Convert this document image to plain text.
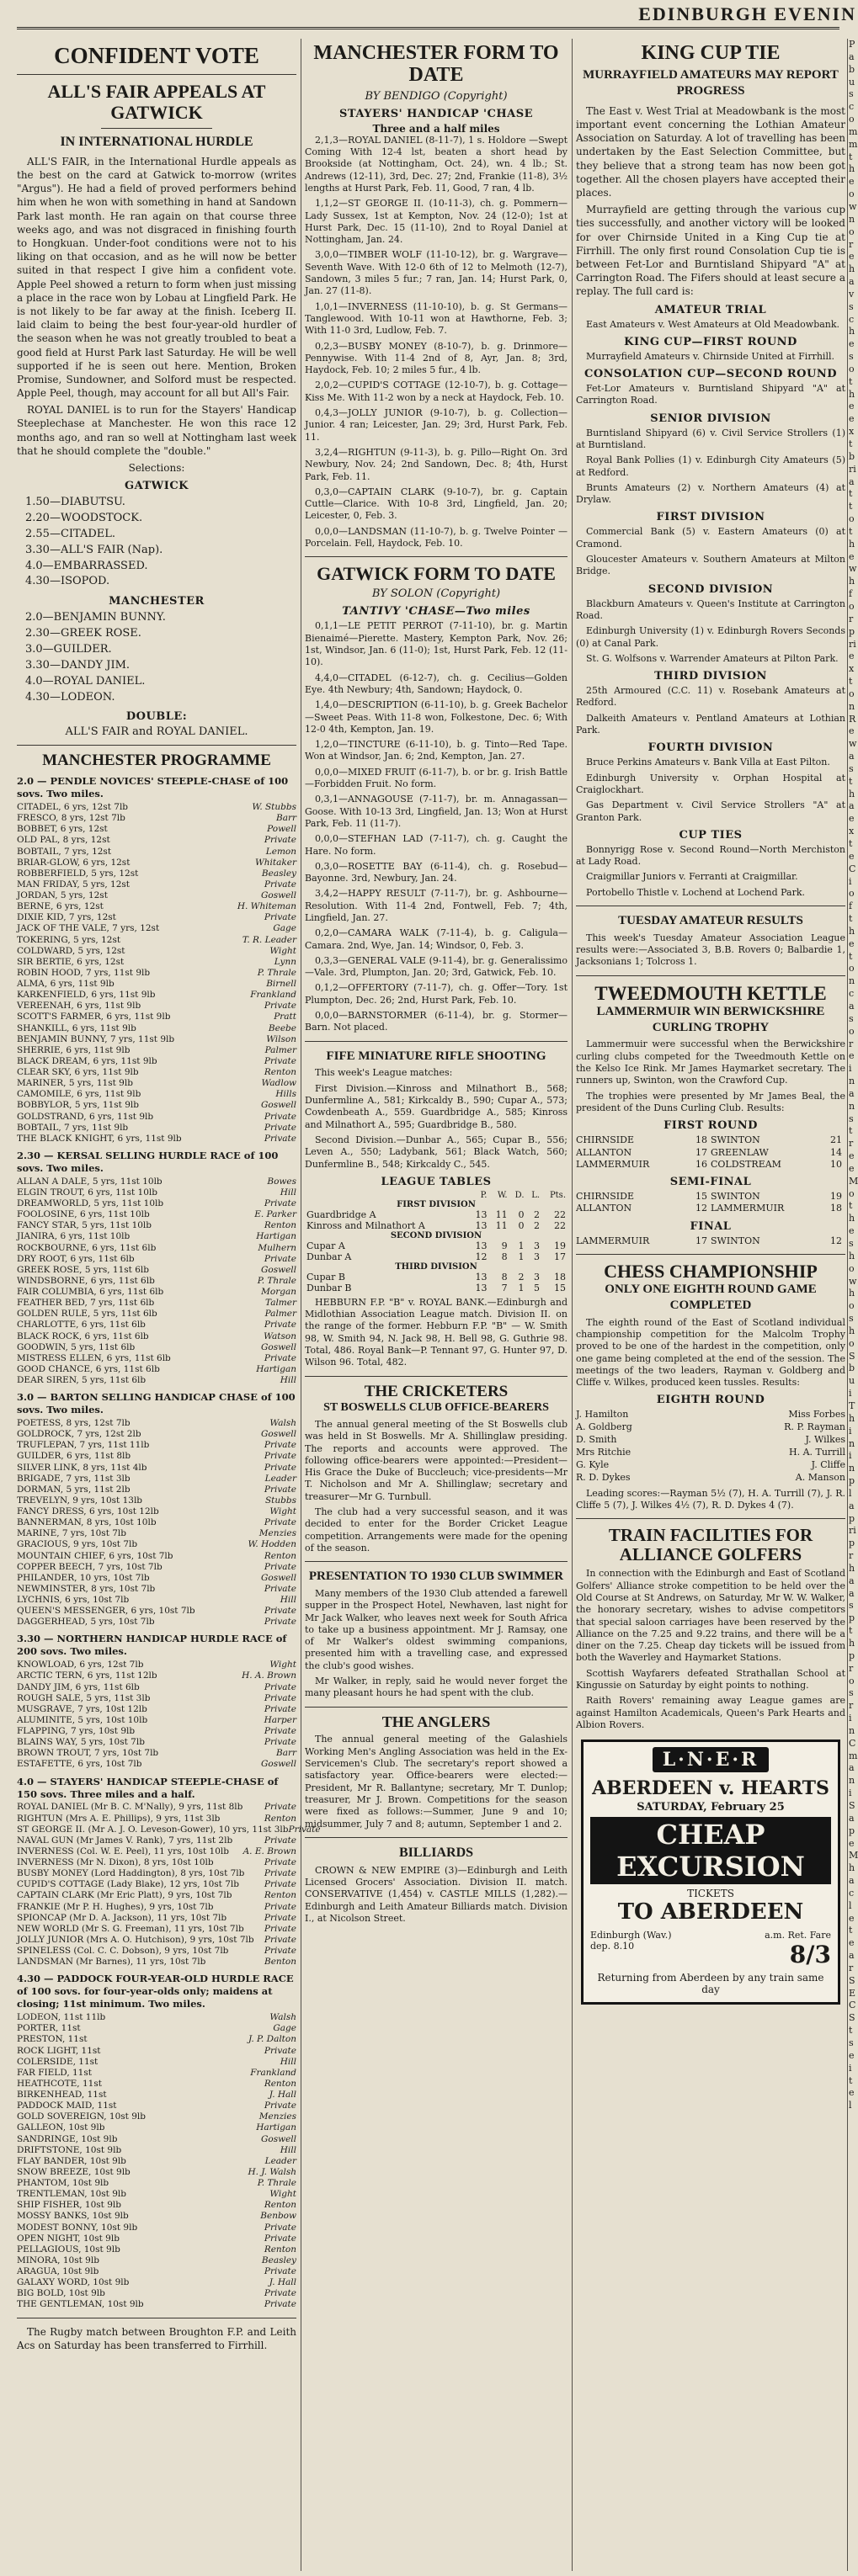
EDINBURGH EVENIN
CONFIDENT VOTE
ALL'S FAIR APPEALS AT GATWICK
IN INTERNATIONAL HURDLE

ALL'S FAIR, in the International Hurdle appeals as the best on the card at Gatwick to-morrow (writes "Argus"). He had a field of proved performers behind him when he won with something in hand at Sandown Park last month. He ran again on that course three weeks ago, and was not disgraced in finishing fourth to Hongkuan. Under-foot conditions were not to his liking on that occasion, and as he will now be better suited in that respect I give him a confident vote. Apple Peel showed a return to form when just missing a place in the race won by Lobau at Lingfield Park. He is not likely to be far away at the finish. Iceberg II. laid claim to being the best four-year-old hurdler of the season when he was not greatly troubled to beat a good field at Hurst Park last Saturday. He will be well supported if he is seen out here. Mention, Broken Promise, Sundowner, and Solford must be respected. Apple Peel, though, may account for all but All's Fair.

ROYAL DANIEL is to run for the Stayers' Handicap Steeplechase at Manchester. He won this race 12 months ago, and ran so well at Nottingham last week that he should complete the "double."

Selections:

GATWICK
1.50—DIABUTSU.
2.20—WOODSTOCK.
2.55—CITADEL.
3.30—ALL'S FAIR (Nap).
4.0—EMBARRASSED.
4.30—ISOPOD.
MANCHESTER
2.0—BENJAMIN BUNNY.
2.30—GREEK ROSE.
3.0—GUILDER.
3.30—DANDY JIM.
4.0—ROYAL DANIEL.
4.30—LODEON.
DOUBLE:
ALL'S FAIR and ROYAL DANIEL.
MANCHESTER PROGRAMME
2.0 — PENDLE NOVICES' STEEPLE-CHASE of 100 sovs. Two miles.
CITADEL, 6 yrs, 12st 7lb	W. Stubbs
FRESCO, 8 yrs, 12st 7lb	Barr
BOBBET, 6 yrs, 12st	Powell
OLD PAL, 8 yrs, 12st	Private
BOBTAIL, 7 yrs, 12st	Lemon
BRIAR-GLOW, 6 yrs, 12st	Whitaker
ROBBERFIELD, 5 yrs, 12st	Beasley
MAN FRIDAY, 5 yrs, 12st	Private
JORDAN, 5 yrs, 12st	Goswell
BERNE, 6 yrs, 12st	H. Whiteman
DIXIE KID, 7 yrs, 12st	Private
JACK OF THE VALE, 7 yrs, 12st	Gage
TOKERING, 5 yrs, 12st	T. R. Leader
COLDWARD, 5 yrs, 12st	Wight
SIR BERTIE, 6 yrs, 12st	Lynn
ROBIN HOOD, 7 yrs, 11st 9lb	P. Thrale
ALMA, 6 yrs, 11st 9lb	Birnell
KARKENFIELD, 6 yrs, 11st 9lb	Frankland
VEREENAH, 6 yrs, 11st 9lb	Private
SCOTT'S FARMER, 6 yrs, 11st 9lb	Pratt
SHANKILL, 6 yrs, 11st 9lb	Beebe
BENJAMIN BUNNY, 7 yrs, 11st 9lb	Wilson
SHERRIE, 6 yrs, 11st 9lb	Palmer
BLACK DREAM, 6 yrs, 11st 9lb	Private
CLEAR SKY, 6 yrs, 11st 9lb	Renton
MARINER, 5 yrs, 11st 9lb	Wadlow
CAMOMILE, 6 yrs, 11st 9lb	Hills
BOBBYLOR, 5 yrs, 11st 9lb	Goswell
GOLDSTRAND, 6 yrs, 11st 9lb	Private
BOBTAIL, 7 yrs, 11st 9lb	Private
THE BLACK KNIGHT, 6 yrs, 11st 9lb	Private
2.30 — KERSAL SELLING HURDLE RACE of 100 sovs. Two miles.
ALLAN A DALE, 5 yrs, 11st 10lb	Bowes
ELGIN TROUT, 6 yrs, 11st 10lb	Hill
DREAMWORLD, 5 yrs, 11st 10lb	Private
FOOLOSINE, 6 yrs, 11st 10lb	E. Parker
FANCY STAR, 5 yrs, 11st 10lb	Renton
JIANIRA, 6 yrs, 11st 10lb	Hartigan
ROCKBOURNE, 6 yrs, 11st 6lb	Mulhern
DRY ROOT, 6 yrs, 11st 6lb	Private
GREEK ROSE, 5 yrs, 11st 6lb	Goswell
WINDSBORNE, 6 yrs, 11st 6lb	P. Thrale
FAIR COLUMBIA, 6 yrs, 11st 6lb	Morgan
FEATHER BED, 7 yrs, 11st 6lb	Talmer
GOLDEN RULE, 5 yrs, 11st 6lb	Palmer
CHARLOTTE, 6 yrs, 11st 6lb	Private
BLACK ROCK, 6 yrs, 11st 6lb	Watson
GOODWIN, 5 yrs, 11st 6lb	Goswell
MISTRESS ELLEN, 6 yrs, 11st 6lb	Private
GOOD CHANCE, 6 yrs, 11st 6lb	Hartigan
DEAR SIREN, 5 yrs, 11st 6lb	Hill
3.0 — BARTON SELLING HANDICAP CHASE of 100 sovs. Two miles.
POETESS, 8 yrs, 12st 7lb	Walsh
GOLDROCK, 7 yrs, 12st 2lb	Goswell
TRUFLEPAN, 7 yrs, 11st 11lb	Private
GUILDER, 6 yrs, 11st 8lb	Private
SILVER LINK, 8 yrs, 11st 4lb	Private
BRIGADE, 7 yrs, 11st 3lb	Leader
DORMAN, 5 yrs, 11st 2lb	Private
TREVELYN, 9 yrs, 10st 13lb	Stubbs
FANCY DRESS, 6 yrs, 10st 12lb	Wight
BANNERMAN, 8 yrs, 10st 10lb	Private
MARINE, 7 yrs, 10st 7lb	Menzies
GRACIOUS, 9 yrs, 10st 7lb	W. Hodden
MOUNTAIN CHIEF, 6 yrs, 10st 7lb	Renton
COPPER BEECH, 7 yrs, 10st 7lb	Private
PHILANDER, 10 yrs, 10st 7lb	Goswell
NEWMINSTER, 8 yrs, 10st 7lb	Private
LYCHNIS, 6 yrs, 10st 7lb	Hill
QUEEN'S MESSENGER, 6 yrs, 10st 7lb	Private
DAGGERHEAD, 5 yrs, 10st 7lb	Private
3.30 — NORTHERN HANDICAP HURDLE RACE of 200 sovs. Two miles.
KNOWLOAD, 6 yrs, 12st 7lb	Wight
ARCTIC TERN, 6 yrs, 11st 12lb	H. A. Brown
DANDY JIM, 6 yrs, 11st 6lb	Private
ROUGH SALE, 5 yrs, 11st 3lb	Private
MUSGRAVE, 7 yrs, 10st 12lb	Private
ALUMINITE, 5 yrs, 10st 10lb	Harper
FLAPPING, 7 yrs, 10st 9lb	Private
BLAINS WAY, 5 yrs, 10st 7lb	Private
BROWN TROUT, 7 yrs, 10st 7lb	Barr
ESTAFETTE, 6 yrs, 10st 7lb	Goswell
4.0 — STAYERS' HANDICAP STEEPLE-CHASE of 150 sovs. Three miles and a half.
ROYAL DANIEL (Mr B. C. M'Nally), 9 yrs, 11st 8lb Private
RIGHTUN (Mrs A. E. Phillips), 9 yrs, 11st 3lb	Renton
ST GEORGE II. (Mr A. J. O. Leveson-Gower), 10 yrs, 11st 3lb Private
NAVAL GUN (Mr James V. Rank), 7 yrs, 11st 2lb	Private
INVERNESS (Col. W. E. Peel), 11 yrs, 10st 10lb A. E. Brown
INVERNESS (Mr N. Dixon), 8 yrs, 10st 10lb	Private
BUSBY MONEY (Lord Haddington), 8 yrs, 10st 7lb Private
CUPID'S COTTAGE (Lady Blake), 12 yrs, 10st 7lb	Private
CAPTAIN CLARK (Mr Eric Platt), 9 yrs, 10st 7lb	Renton
FRANKIE (Mr P. H. Hughes), 9 yrs, 10st 7lb	Private
SPIONCAP (Mr D. A. Jackson), 11 yrs, 10st 7lb	Private
NEW WORLD (Mr S. G. Freeman), 11 yrs, 10st 7lb Private
JOLLY JUNIOR (Mrs A. O. Hutchison), 9 yrs, 10st 7lb Private
SPINELESS (Col. C. C. Dobson), 9 yrs, 10st 7lb	Private
LANDSMAN (Mr Barnes), 11 yrs, 10st 7lb	Benton
4.30 — PADDOCK FOUR-YEAR-OLD HURDLE RACE of 100 sovs. for four-year-olds only; maidens at closing; 11st minimum. Two miles.
LODEON, 11st 11lb	Walsh
PORTER, 11st	Gage
PRESTON, 11st	J. P. Dalton
ROCK LIGHT, 11st	Private
COLERSIDE, 11st	Hill
FAR FIELD, 11st	Frankland
HEATHCOTE, 11st	Renton
BIRKENHEAD, 11st	J. Hall
PADDOCK MAID, 11st	Private
GOLD SOVEREIGN, 10st 9lb	Menzies
GALLEON, 10st 9lb	Hartigan
SANDRINGE, 10st 9lb	Goswell
DRIFTSTONE, 10st 9lb	Hill
FLAY BANDER, 10st 9lb	Leader
SNOW BREEZE, 10st 9lb	H. J. Walsh
PHANTOM, 10st 9lb	P. Thrale
TRENTLEMAN, 10st 9lb	Wight
SHIP FISHER, 10st 9lb	Renton
MOSSY BANKS, 10st 9lb	Benbow
MODEST BONNY, 10st 9lb	Private
OPEN NIGHT, 10st 9lb	Private
PELLAGIOUS, 10st 9lb	Renton
MINORA, 10st 9lb	Beasley
ARAGUA, 10st 9lb	Private
GALAXY WORD, 10st 9lb	J. Hall
BIG BOLD, 10st 9lb	Private
THE GENTLEMAN, 10st 9lb	Private

The Rugby match between Broughton F.P. and Leith Acs on Saturday has been transferred to Firrhill.

MANCHESTER FORM TO DATE
BY BENDIGO (Copyright)
STAYERS' HANDICAP 'CHASE
Three and a half miles

2,1,3—ROYAL DANIEL (8-11-7), 1 s. Holdore —Swept Coming With 12-4 lst, beaten a short head by Brookside (at Nottingham, Oct. 24), wn. 4 lb.; St. Andrews (12-11), 3rd, Dec. 27; 2nd, Frankie (11-8), 3½ lengths at Hurst Park, Feb. 11, Good, 7 ran, 4 lb.

1,1,2—ST GEORGE II. (10-11-3), ch. g. Pommern—Lady Sussex, 1st at Kempton, Nov. 24 (12-0); 1st at Hurst Park, Dec. 15 (11-10), 2nd to Royal Daniel at Nottingham, Jan. 24.

3,0,0—TIMBER WOLF (11-10-12), br. g. Wargrave—Seventh Wave. With 12-0 6th of 12 to Melmoth (12-7), Sandown, 3 miles 5 fur.; 7 ran, Jan. 14; Hurst Park, 0, Jan. 27 (11-8).

1,0,1—INVERNESS (11-10-10), b. g. St Germans—Tanglewood. With 10-11 won at Hawthorne, Feb. 3; With 11-0 3rd, Ludlow, Feb. 7.

0,2,3—BUSBY MONEY (8-10-7), b. g. Drinmore—Pennywise. With 11-4 2nd of 8, Ayr, Jan. 8; 3rd, Haydock, Feb. 10; 2 miles 5 fur., 4 lb.

2,0,2—CUPID'S COTTAGE (12-10-7), b. g. Cottage—Kiss Me. With 11-2 won by a neck at Haydock, Feb. 10.

0,4,3—JOLLY JUNIOR (9-10-7), b. g. Collection—Junior. 4 ran; Leicester, Jan. 29; 3rd, Hurst Park, Feb. 11.

3,2,4—RIGHTUN (9-11-3), b. g. Pillo—Right On. 3rd Newbury, Nov. 24; 2nd Sandown, Dec. 8; 4th, Hurst Park, Feb. 11.

0,3,0—CAPTAIN CLARK (9-10-7), br. g. Captain Cuttle—Clarice. With 10-8 3rd, Lingfield, Jan. 20; Leicester, 0, Feb. 3.

0,0,0—LANDSMAN (11-10-7), b. g. Twelve Pointer —Porcelain. Fell, Haydock, Feb. 10.

GATWICK FORM TO DATE
BY SOLON (Copyright)
TANTIVY 'CHASE—Two miles

0,1,1—LE PETIT PERROT (7-11-10), br. g. Martin Bienaimé—Pierette. Mastery, Kempton Park, Nov. 26; 1st, Windsor, Jan. 6 (11-0); 1st, Hurst Park, Feb. 12 (11-10).

4,4,0—CITADEL (6-12-7), ch. g. Cecilius—Golden Eye. 4th Newbury; 4th, Sandown; Haydock, 0.

1,4,0—DESCRIPTION (6-11-10), b. g. Greek Bachelor—Sweet Peas. With 11-8 won, Folkestone, Dec. 6; With 12-0 4th, Kempton, Jan. 19.

1,2,0—TINCTURE (6-11-10), b. g. Tinto—Red Tape. Won at Windsor, Jan. 6; 2nd, Kempton, Jan. 27.

0,0,0—MIXED FRUIT (6-11-7), b. or br. g. Irish Battle—Forbidden Fruit. No form.

0,3,1—ANNAGOUSE (7-11-7), br. m. Annagassan—Goose. With 10-13 3rd, Lingfield, Jan. 13; Won at Hurst Park, Feb. 11 (11-7).

0,0,0—STEFHAN LAD (7-11-7), ch. g. Caught the Hare. No form.

0,3,0—ROSETTE BAY (6-11-4), ch. g. Rosebud—Bayonne. 3rd, Newbury, Jan. 24.

3,4,2—HAPPY RESULT (7-11-7), br. g. Ashbourne—Resolution. With 11-4 2nd, Fontwell, Feb. 7; 4th, Lingfield, Jan. 27.

0,2,0—CAMARA WALK (7-11-4), b. g. Caligula—Camara. 2nd, Wye, Jan. 14; Windsor, 0, Feb. 3.

0,3,3—GENERAL VALE (9-11-4), br. g. Generalissimo—Vale. 3rd, Plumpton, Jan. 20; 3rd, Gatwick, Feb. 10.

0,1,2—OFFERTORY (7-11-7), ch. g. Offer—Tory. 1st Plumpton, Dec. 26; 2nd, Hurst Park, Feb. 10.

0,0,0—BARNSTORMER (6-11-4), br. g. Stormer—Barn. Not placed.

FIFE MINIATURE RIFLE SHOOTING

This week's League matches:

First Division.—Kinross and Milnathort B., 568; Dunfermline A., 581; Kirkcaldy B., 590; Cupar A., 573; Cowdenbeath A., 559. Guardbridge A., 585; Kinross and Milnathort A., 595; Guardbridge B., 580.

Second Division.—Dunbar A., 565; Cupar B., 556; Leven A., 550; Ladybank, 561; Black Watch, 560; Dunfermline B., 548; Kirkcaldy C., 545.

LEAGUE TABLES
	P.	W.	D.	L.	Pts.
FIRST DIVISION					
Guardbridge A	13	11	0	2	22
Kinross and Milnathort A	13	11	0	2	22
SECOND DIVISION					
Cupar A	13	9	1	3	19
Dunbar A	12	8	1	3	17
THIRD DIVISION					
Cupar B	13	8	2	3	18
Dunbar B	13	7	1	5	15

HEBBURN F.P. "B" v. ROYAL BANK.—Edinburgh and Midlothian Association League match. Division II. on the range of the former. Hebburn F.P. "B" — W. Smith 98, W. Smith 94, N. Jack 98, H. Bell 98, G. Guthrie 98. Total, 486. Royal Bank—P. Tennant 97, G. Hunter 97, D. Wilson 96. Total, 482.

THE CRICKETERS
ST BOSWELLS CLUB OFFICE-BEARERS

The annual general meeting of the St Boswells club was held in St Boswells. Mr A. Shillinglaw presiding. The reports and accounts were approved. The following office-bearers were appointed:—President—His Grace the Duke of Buccleuch; vice-presidents—Mr T. Nicholson and Mr A. Shillinglaw; secretary and treasurer—Mr G. Turnbull.

The club had a very successful season, and it was decided to enter for the Border Cricket League competition. Arrangements were made for the opening of the season.

PRESENTATION TO 1930 CLUB SWIMMER

Many members of the 1930 Club attended a farewell supper in the Prospect Hotel, Newhaven, last night for Mr Jack Walker, who leaves next week for South Africa to take up a business appointment. Mr J. Ramsay, one of Mr Walker's oldest swimming companions, presented him with a travelling case, and expressed the club's good wishes.

Mr Walker, in reply, said he would never forget the many pleasant hours he had spent with the club.

THE ANGLERS

The annual general meeting of the Galashiels Working Men's Angling Association was held in the Ex-Servicemen's Club. The secretary's report showed a satisfactory year. Office-bearers were elected:—President, Mr R. Ballantyne; secretary, Mr T. Dunlop; treasurer, Mr J. Brown. Competitions for the season were fixed as follows:—Summer, June 9 and 10; midsummer, July 7 and 8; autumn, September 1 and 2.

BILLIARDS

CROWN & NEW EMPIRE (3)—Edinburgh and Leith Licensed Grocers' Association. Division II. match. CONSERVATIVE (1,454) v. CASTLE MILLS (1,282).—Edinburgh and Leith Amateur Billiards match. Division I., at Nicolson Street.

KING CUP TIE
MURRAYFIELD AMATEURS MAY REPORT PROGRESS

The East v. West Trial at Meadowbank is the most important event concerning the Lothian Amateur Association on Saturday. A lot of travelling has been undertaken by the East Selection Committee, but they believe that a strong team has now been got together. All the chosen players have accepted their places.

Murrayfield are getting through the various cup ties successfully, and another victory will be looked for over Chirnside United in a King Cup tie at Firrhill. The only first round Consolation Cup tie is between Fet-Lor and Burntisland Shipyard "A" at Carrington Road. The Fifers should at least secure a replay. The full card is:

AMATEUR TRIAL

East Amateurs v. West Amateurs at Old Meadowbank.

KING CUP—FIRST ROUND

Murrayfield Amateurs v. Chirnside United at Firrhill.

CONSOLATION CUP—SECOND ROUND

Fet-Lor Amateurs v. Burntisland Shipyard "A" at Carrington Road.

SENIOR DIVISION

Burntisland Shipyard (6) v. Civil Service Strollers (1) at Burntisland.

Royal Bank Pollies (1) v. Edinburgh City Amateurs (5) at Redford.

Brunts Amateurs (2) v. Northern Amateurs (4) at Drylaw.

FIRST DIVISION

Commercial Bank (5) v. Eastern Amateurs (0) at Cramond.

Gloucester Amateurs v. Southern Amateurs at Milton Bridge.

SECOND DIVISION

Blackburn Amateurs v. Queen's Institute at Carrington Road.

Edinburgh University (1) v. Edinburgh Rovers Seconds (0) at Canal Park.

St. G. Wolfsons v. Warrender Amateurs at Pilton Park.

THIRD DIVISION

25th Armoured (C.C. 11) v. Rosebank Amateurs at Redford.

Dalkeith Amateurs v. Pentland Amateurs at Lothian Park.

FOURTH DIVISION

Bruce Perkins Amateurs v. Bank Villa at East Pilton.

Edinburgh University v. Orphan Hospital at Craiglockhart.

Gas Department v. Civil Service Strollers "A" at Granton Park.

CUP TIES

Bonnyrigg Rose v. Second Round—North Merchiston at Lady Road.

Craigmillar Juniors v. Ferranti at Craigmillar.

Portobello Thistle v. Lochend at Lochend Park.

TUESDAY AMATEUR RESULTS

This week's Tuesday Amateur Association League results were:—Associated 3, B.B. Rovers 0; Balbardie 1, Jacksonians 1; Tolcross 1.

TWEEDMOUTH KETTLE
LAMMERMUIR WIN BERWICKSHIRE CURLING TROPHY

Lammermuir were successful when the Berwickshire curling clubs competed for the Tweedmouth Kettle on the Kelso Ice Rink. Mr James Haymarket secretary. The runners up, Swinton, won the Crawford Cup.

The trophies were presented by Mr James Beal, the president of the Duns Curling Club. Results:

FIRST ROUND
CHIRNSIDE	18 SWINTON	21
ALLANTON	17 GREENLAW	14
LAMMERMUIR	16 COLDSTREAM	10
SEMI-FINAL
CHIRNSIDE	15 SWINTON	19
ALLANTON	12 LAMMERMUIR	18
FINAL
LAMMERMUIR	17 SWINTON	12
CHESS CHAMPIONSHIP
ONLY ONE EIGHTH ROUND GAME COMPLETED

The eighth round of the East of Scotland individual championship competition for the Malcolm Trophy proved to be one of the hardest in the competition, only one game being completed at the end of the session. The meetings of the two leaders, Rayman v. Goldberg and Cliffe v. Wilkes, produced keen tussles. Results:

EIGHTH ROUND
J. Hamilton	Miss Forbes
A. Goldberg	R. P. Rayman
D. Smith	J. Wilkes
Mrs Ritchie	H. A. Turrill
G. Kyle	J. Cliffe
R. D. Dykes	A. Manson

Leading scores:—Rayman 5½ (7), H. A. Turrill (7), J. R. Cliffe 5 (7), J. Wilkes 4½ (7), R. D. Dykes 4 (7).

TRAIN FACILITIES FOR ALLIANCE GOLFERS

In connection with the Edinburgh and East of Scotland Golfers' Alliance stroke competition to be held over the Old Course at St Andrews, on Saturday, Mr W. W. Walker, the honorary secretary, wishes to advise competitors that special saloon carriages have been reserved by the Alliance on the 7.25 and 9.22 trains, and there will be a diner on the 7.25. Cheap day tickets will be issued from both the Waverley and Haymarket Stations.

Scottish Wayfarers defeated Strathallan School at Kingussie on Saturday by eight points to nothing.

Raith Rovers' remaining away League games are against Hamilton Academicals, Queen's Park Hearts and Albion Rovers.

L·N·E·R
ABERDEEN v. HEARTS
SATURDAY, February 25
CHEAP EXCURSION
TICKETS
TO ABERDEEN
Edinburgh (Wav.)
dep. 8.10
a.m. Ret. Fare
8/3
Returning from Aberdeen by any train same day
Pa
bus
comm
the
own
ore
hav
sche
so
the
ext
bri
at
to
the
wh
for
pri
ext
on
Re
was
tha
exte
Ci
of
the
ton
cas
ore
in
an
stree
Mo
the
sho
who
sho
S
bui
Th
in
in
pla
pri
pr
ha
as
p
th
pro
sr
in
C
ma
ni
Sa
pe
M
ha
c
le
te
ar
SEC
St
sei
tel
